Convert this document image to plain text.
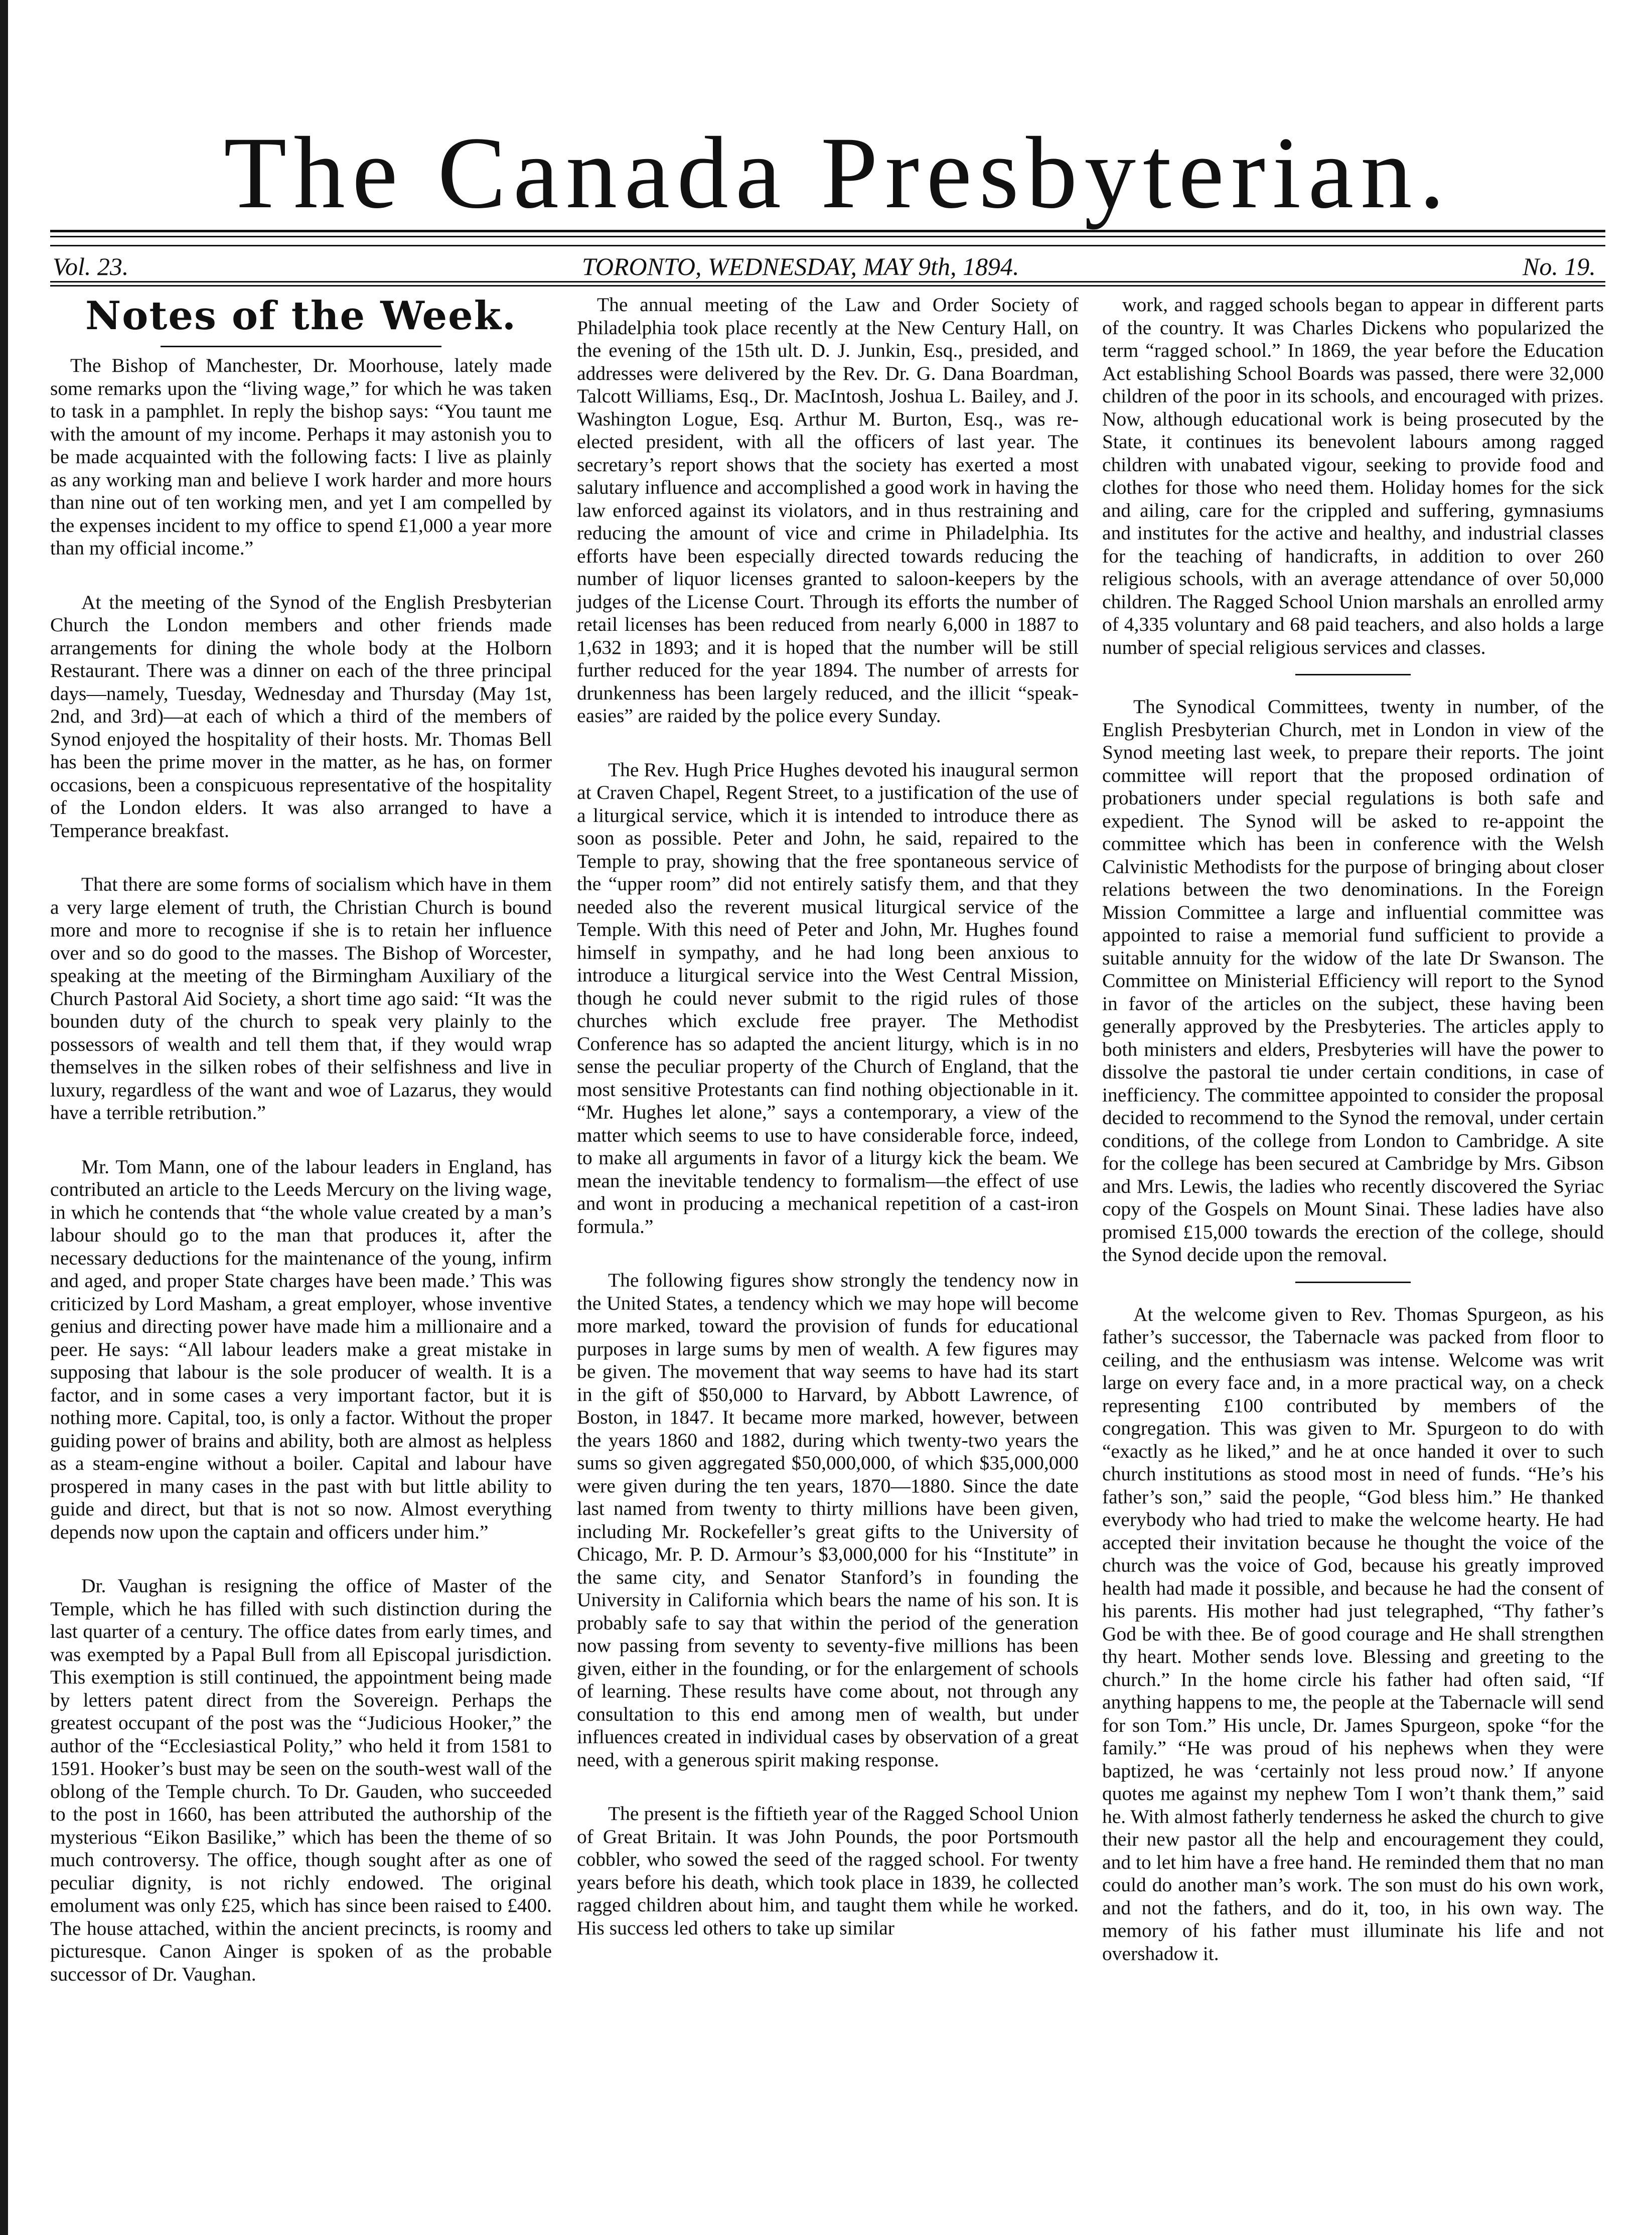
The Canada Presbyterian.
Vol. 23.	TORONTO, WEDNESDAY, MAY 9th, 1894.	No. 19.
Notes of the Week.

The Bishop of Manchester, Dr. Moorhouse, lately made some remarks upon the “living wage,” for which he was taken to task in a pamphlet. In reply the bishop says: “You taunt me with the amount of my income. Perhaps it may astonish you to be made acquainted with the following facts: I live as plainly as any working man and believe I work harder and more hours than nine out of ten working men, and yet I am compelled by the expenses incident to my office to spend £1,000 a year more than my official income.”

At the meeting of the Synod of the English Presbyterian Church the London members and other friends made arrangements for dining the whole body at the Holborn Restaurant. There was a dinner on each of the three principal days—namely, Tuesday, Wednesday and Thursday (May 1st, 2nd, and 3rd)—at each of which a third of the members of Synod enjoyed the hospitality of their hosts. Mr. Thomas Bell has been the prime mover in the matter, as he has, on former occasions, been a conspicuous representative of the hospitality of the London elders. It was also arranged to have a Temperance breakfast.

That there are some forms of socialism which have in them a very large element of truth, the Christian Church is bound more and more to recognise if she is to retain her influence over and so do good to the masses. The Bishop of Worcester, speaking at the meeting of the Birmingham Auxiliary of the Church Pastoral Aid Society, a short time ago said: “It was the bounden duty of the church to speak very plainly to the possessors of wealth and tell them that, if they would wrap themselves in the silken robes of their selfishness and live in luxury, regardless of the want and woe of Lazarus, they would have a terrible retribution.”

Mr. Tom Mann, one of the labour leaders in England, has contributed an article to the Leeds Mercury on the living wage, in which he contends that “the whole value created by a man’s labour should go to the man that produces it, after the necessary deductions for the maintenance of the young, infirm and aged, and proper State charges have been made.’ This was criticized by Lord Masham, a great employer, whose inventive genius and directing power have made him a millionaire and a peer. He says: “All labour leaders make a great mistake in supposing that labour is the sole producer of wealth. It is a factor, and in some cases a very important factor, but it is nothing more. Capital, too, is only a factor. Without the proper guiding power of brains and ability, both are almost as helpless as a steam-engine without a boiler. Capital and labour have prospered in many cases in the past with but little ability to guide and direct, but that is not so now. Almost everything depends now upon the captain and officers under him.”

Dr. Vaughan is resigning the office of Master of the Temple, which he has filled with such distinction during the last quarter of a century. The office dates from early times, and was exempted by a Papal Bull from all Episcopal jurisdiction. This exemption is still continued, the appointment being made by letters patent direct from the Sovereign. Perhaps the greatest occupant of the post was the “Judicious Hooker,” the author of the “Ecclesiastical Polity,” who held it from 1581 to 1591. Hooker’s bust may be seen on the south-west wall of the oblong of the Temple church. To Dr. Gauden, who succeeded to the post in 1660, has been attributed the authorship of the mysterious “Eikon Basilike,” which has been the theme of so much controversy. The office, though sought after as one of peculiar dignity, is not richly endowed. The original emolument was only £25, which has since been raised to £400. The house attached, within the ancient precincts, is roomy and picturesque. Canon Ainger is spoken of as the probable successor of Dr. Vaughan.

The annual meeting of the Law and Order Society of Philadelphia took place recently at the New Century Hall, on the evening of the 15th ult. D. J. Junkin, Esq., presided, and addresses were delivered by the Rev. Dr. G. Dana Boardman, Talcott Williams, Esq., Dr. MacIntosh, Joshua L. Bailey, and J. Washington Logue, Esq. Arthur M. Burton, Esq., was re-elected president, with all the officers of last year. The secretary’s report shows that the society has exerted a most salutary influence and accomplished a good work in having the law enforced against its violators, and in thus restraining and reducing the amount of vice and crime in Philadelphia. Its efforts have been especially directed towards reducing the number of liquor licenses granted to saloon-keepers by the judges of the License Court. Through its efforts the number of retail licenses has been reduced from nearly 6,000 in 1887 to 1,632 in 1893; and it is hoped that the number will be still further reduced for the year 1894. The number of arrests for drunkenness has been largely reduced, and the illicit “speak-easies” are raided by the police every Sunday.

The Rev. Hugh Price Hughes devoted his inaugural sermon at Craven Chapel, Regent Street, to a justification of the use of a liturgical service, which it is intended to introduce there as soon as possible. Peter and John, he said, repaired to the Temple to pray, showing that the free spontaneous service of the “upper room” did not entirely satisfy them, and that they needed also the reverent musical liturgical service of the Temple. With this need of Peter and John, Mr. Hughes found himself in sympathy, and he had long been anxious to introduce a liturgical service into the West Central Mission, though he could never submit to the rigid rules of those churches which exclude free prayer. The Methodist Conference has so adapted the ancient liturgy, which is in no sense the peculiar property of the Church of England, that the most sensitive Protestants can find nothing objectionable in it. “Mr. Hughes let alone,” says a contemporary, a view of the matter which seems to use to have considerable force, indeed, to make all arguments in favor of a liturgy kick the beam. We mean the inevitable tendency to formalism—the effect of use and wont in producing a mechanical repetition of a cast-iron formula.”

The following figures show strongly the tendency now in the United States, a tendency which we may hope will become more marked, toward the provision of funds for educational purposes in large sums by men of wealth. A few figures may be given. The movement that way seems to have had its start in the gift of $50,000 to Harvard, by Abbott Lawrence, of Boston, in 1847. It became more marked, however, between the years 1860 and 1882, during which twenty-two years the sums so given aggregated $50,000,000, of which $35,000,000 were given during the ten years, 1870—1880. Since the date last named from twenty to thirty millions have been given, including Mr. Rockefeller’s great gifts to the University of Chicago, Mr. P. D. Armour’s $3,000,000 for his “Institute” in the same city, and Senator Stanford’s in founding the University in California which bears the name of his son. It is probably safe to say that within the period of the generation now passing from seventy to seventy-five millions has been given, either in the founding, or for the enlargement of schools of learning. These results have come about, not through any consultation to this end among men of wealth, but under influences created in individual cases by observation of a great need, with a generous spirit making response.

The present is the fiftieth year of the Ragged School Union of Great Britain. It was John Pounds, the poor Portsmouth cobbler, who sowed the seed of the ragged school. For twenty years before his death, which took place in 1839, he collected ragged children about him, and taught them while he worked. His success led others to take up similar

work, and ragged schools began to appear in different parts of the country. It was Charles Dickens who popularized the term “ragged school.” In 1869, the year before the Education Act establishing School Boards was passed, there were 32,000 children of the poor in its schools, and encouraged with prizes. Now, although educational work is being prosecuted by the State, it continues its benevolent labours among ragged children with unabated vigour, seeking to provide food and clothes for those who need them. Holiday homes for the sick and ailing, care for the crippled and suffering, gymnasiums and institutes for the active and healthy, and industrial classes for the teaching of handicrafts, in addition to over 260 religious schools, with an average attendance of over 50,000 children. The Ragged School Union marshals an enrolled army of 4,335 voluntary and 68 paid teachers, and also holds a large number of special religious services and classes.

The Synodical Committees, twenty in number, of the English Presbyterian Church, met in London in view of the Synod meeting last week, to prepare their reports. The joint committee will report that the proposed ordination of probationers under special regulations is both safe and expedient. The Synod will be asked to re-appoint the committee which has been in conference with the Welsh Calvinistic Methodists for the purpose of bringing about closer relations between the two denominations. In the Foreign Mission Committee a large and influential committee was appointed to raise a memorial fund sufficient to provide a suitable annuity for the widow of the late Dr Swanson. The Committee on Ministerial Efficiency will report to the Synod in favor of the articles on the subject, these having been generally approved by the Presbyteries. The articles apply to both ministers and elders, Presbyteries will have the power to dissolve the pastoral tie under certain conditions, in case of inefficiency. The committee appointed to consider the proposal decided to recommend to the Synod the removal, under certain conditions, of the college from London to Cambridge. A site for the college has been secured at Cambridge by Mrs. Gibson and Mrs. Lewis, the ladies who recently discovered the Syriac copy of the Gospels on Mount Sinai. These ladies have also promised £15,000 towards the erection of the college, should the Synod decide upon the removal.

At the welcome given to Rev. Thomas Spurgeon, as his father’s successor, the Tabernacle was packed from floor to ceiling, and the enthusiasm was intense. Welcome was writ large on every face and, in a more practical way, on a check representing £100 contributed by members of the congregation. This was given to Mr. Spurgeon to do with “exactly as he liked,” and he at once handed it over to such church institutions as stood most in need of funds. “He’s his father’s son,” said the people, “God bless him.” He thanked everybody who had tried to make the welcome hearty. He had accepted their invitation because he thought the voice of the church was the voice of God, because his greatly improved health had made it possible, and because he had the consent of his parents. His mother had just telegraphed, “Thy father’s God be with thee. Be of good courage and He shall strengthen thy heart. Mother sends love. Blessing and greeting to the church.” In the home circle his father had often said, “If anything happens to me, the people at the Tabernacle will send for son Tom.” His uncle, Dr. James Spurgeon, spoke “for the family.” “He was proud of his nephews when they were baptized, he was ‘certainly not less proud now.’ If anyone quotes me against my nephew Tom I won’t thank them,” said he. With almost fatherly tenderness he asked the church to give their new pastor all the help and encouragement they could, and to let him have a free hand. He reminded them that no man could do another man’s work. The son must do his own work, and not the fathers, and do it, too, in his own way. The memory of his father must illuminate his life and not overshadow it.
